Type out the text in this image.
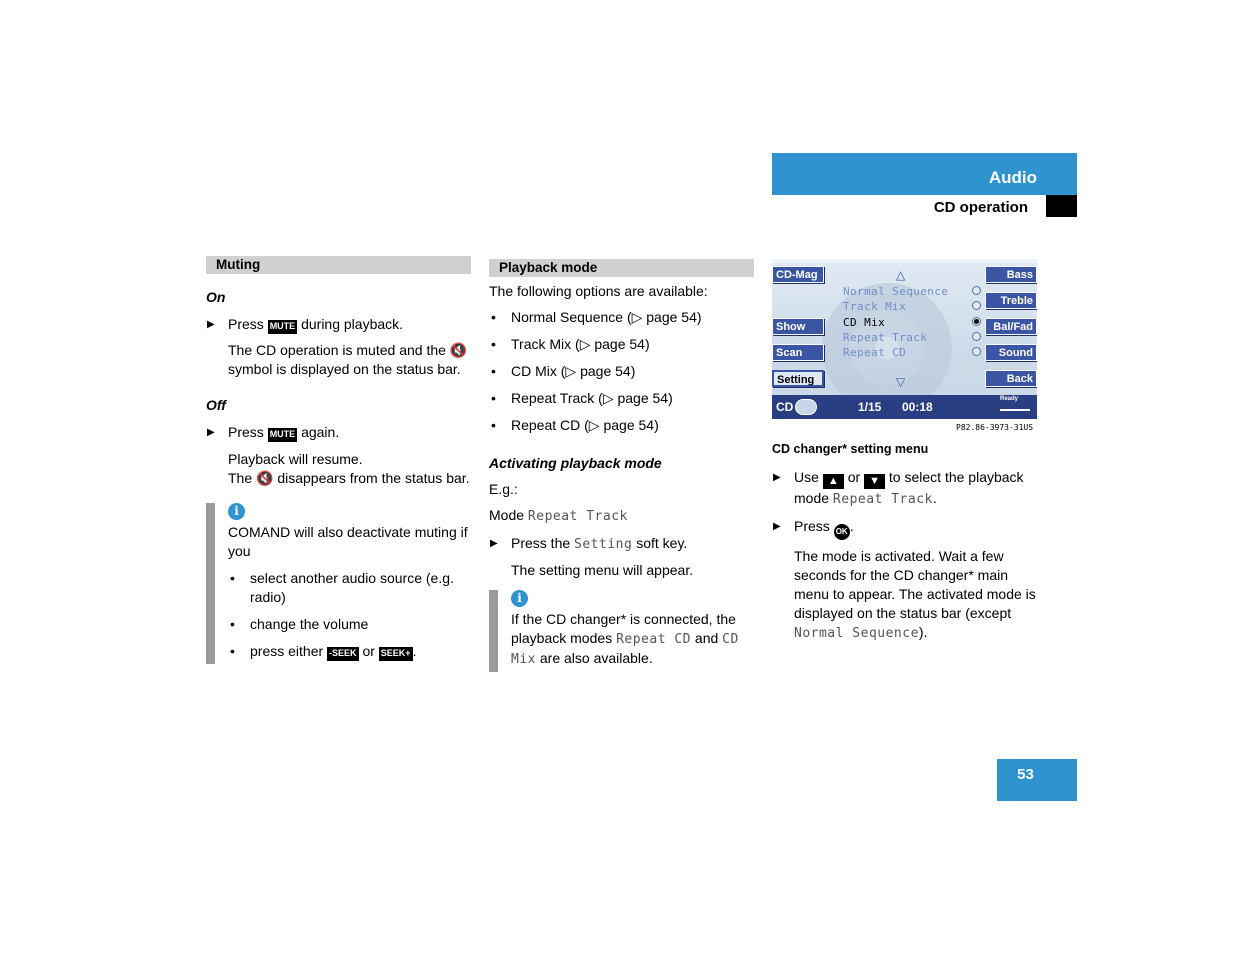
Audio
CD operation
Muting

On

▶ Press MUTE during playback.

The CD operation is muted and the 🔇 symbol is displayed on the status bar.

Off

▶ Press MUTE again.

Playback will resume.

The 🔇 disappears from the status bar.

i

COMAND will also deactivate muting if you

• select another audio source (e.g. radio)

• change the volume

• press either -SEEK or SEEK+ .

Playback mode

The following options are available:

• Normal Sequence (▷ page 54)

• Track Mix (▷ page 54)

• CD Mix (▷ page 54)

• Repeat Track (▷ page 54)

• Repeat CD (▷ page 54)

Activating playback mode

E.g.:

Mode Repeat Track

▶ Press the Setting soft key.

The setting menu will appear.

i

If the CD changer* is connected, the playback modes Repeat CD and CD Mix are also available.

CD-Mag
Show
Scan
Setting
Bass
Treble
Bal/Fad
Sound
Back
△
▽
Normal Sequence
Track Mix
CD Mix
Repeat Track
Repeat CD
CD	1/15 00:18
Ready
P82.86-3973-31US

CD changer* setting menu

▶ Use ▲ or ▼ to select the playback mode Repeat Track.

▶ Press OK .

The mode is activated. Wait a few seconds for the CD changer* main menu to appear. The activated mode is displayed on the status bar (except Normal Sequence).

53
